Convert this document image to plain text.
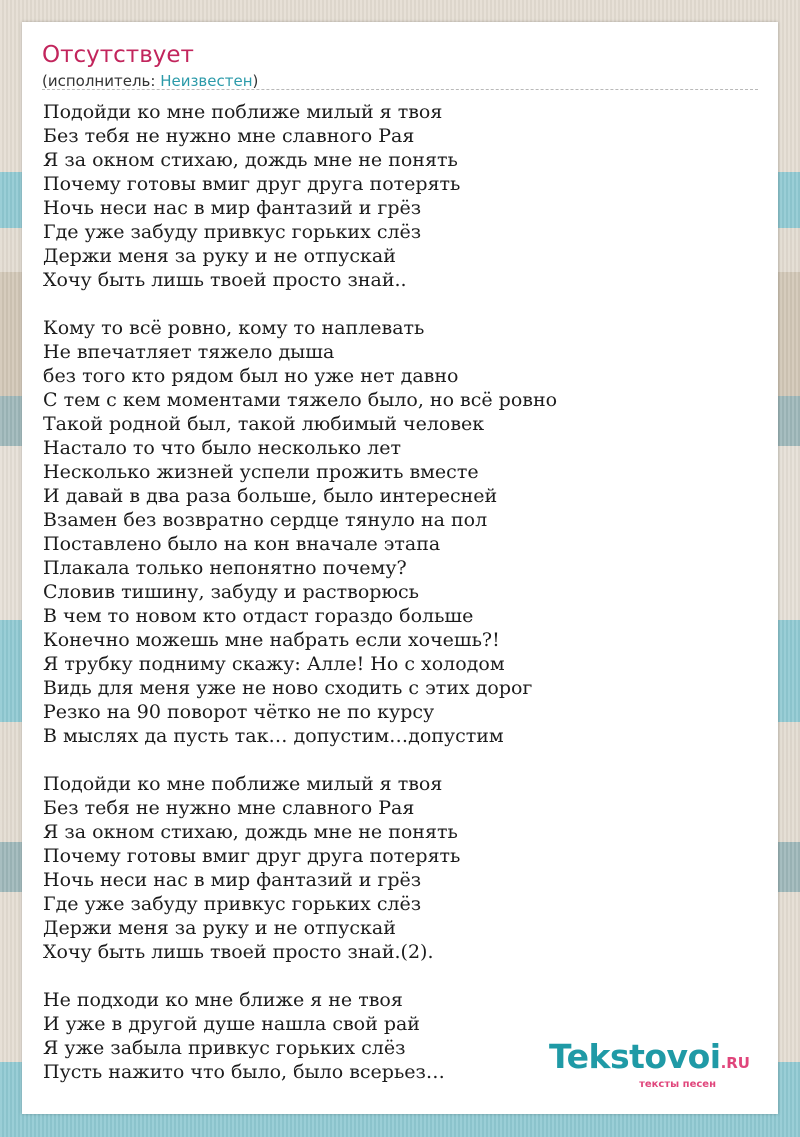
Отсутствует
(исполнитель: Неизвестен)
Подойди ко мне поближе милый я твоя
Без тебя не нужно мне славного Рая
Я за окном стихаю, дождь мне не понять
Почему готовы вмиг друг друга потерять
Ночь неси нас в мир фантазий и грёз
Где уже забуду привкус горьких слёз
Держи меня за руку и не отпускай
Хочу быть лишь твоей просто знай..
Кому то всё ровно, кому то наплевать
Не впечатляет тяжело дыша
без того кто рядом был но уже нет давно
С тем с кем моментами тяжело было, но всё ровно
Такой родной был, такой любимый человек
Настало то что было несколько лет
Несколько жизней успели прожить вместе
И давай в два раза больше, было интересней
Взамен без возвратно сердце тянуло на пол
Поставлено было на кон вначале этапа
Плакала только непонятно почему?
Словив тишину, забуду и растворюсь
В чем то новом кто отдаст гораздо больше
Конечно можешь мне набрать если хочешь?!
Я трубку подниму скажу: Алле! Но с холодом
Видь для меня уже не ново сходить с этих дорог
Резко на 90 поворот чётко не по курсу
В мыслях да пусть так… допустим…допустим
Подойди ко мне поближе милый я твоя
Без тебя не нужно мне славного Рая
Я за окном стихаю, дождь мне не понять
Почему готовы вмиг друг друга потерять
Ночь неси нас в мир фантазий и грёз
Где уже забуду привкус горьких слёз
Держи меня за руку и не отпускай
Хочу быть лишь твоей просто знай.(2).
Не подходи ко мне ближе я не твоя
И уже в другой душе нашла свой рай
Я уже забыла привкус горьких слёз
Пусть нажито что было, было всерьез…	Tekstovoi.RU
тексты песен
